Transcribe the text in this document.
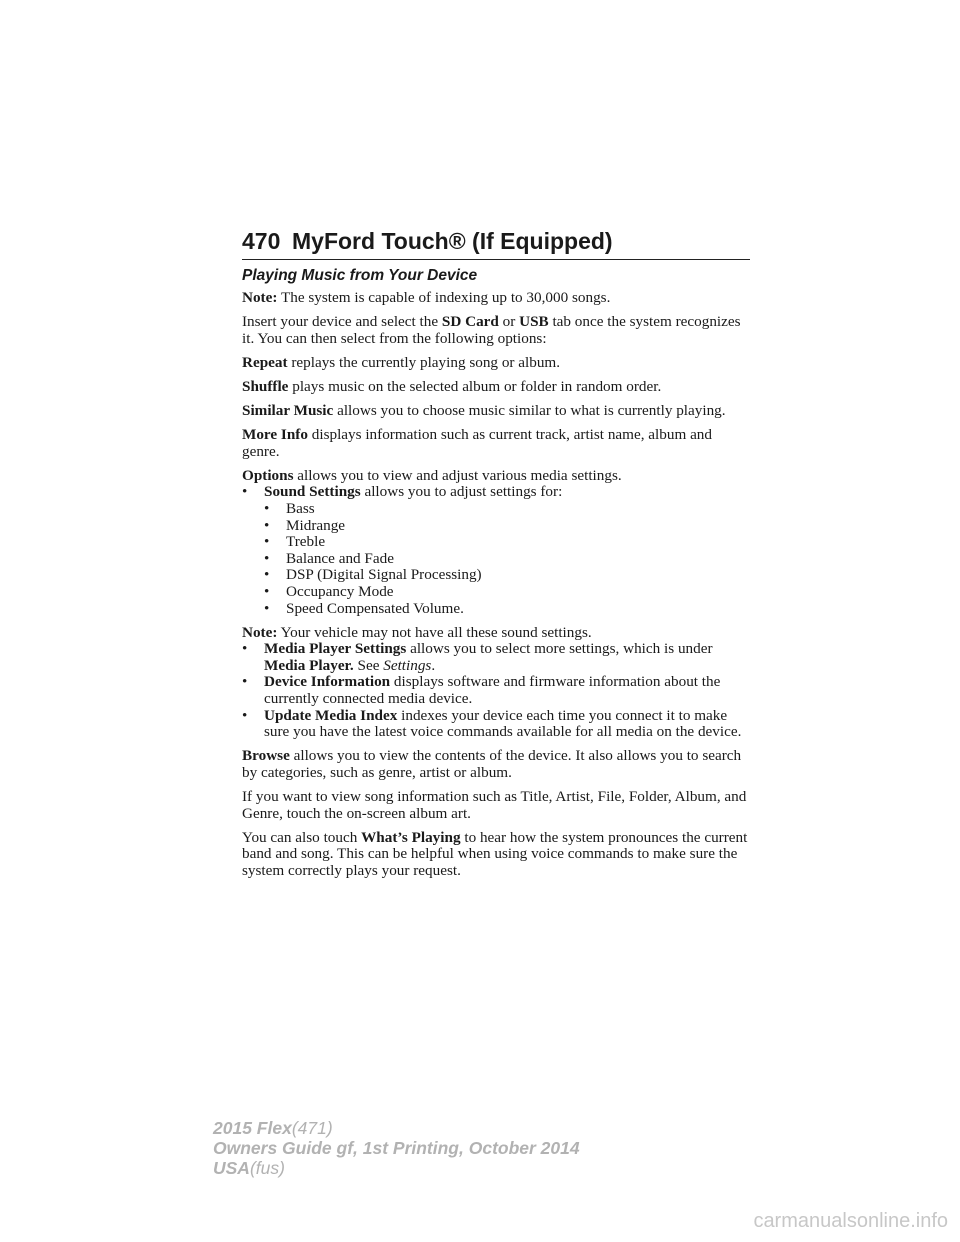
470 MyFord Touch® (If Equipped)
Playing Music from Your Device

Note: The system is capable of indexing up to 30,000 songs.

Insert your device and select the SD Card or USB tab once the system recognizes it. You can then select from the following options:

Repeat replays the currently playing song or album.

Shuffle plays music on the selected album or folder in random order.

Similar Music allows you to choose music similar to what is currently playing.

More Info displays information such as current track, artist name, album and genre.

Options allows you to view and adjust various media settings.
• Sound Settings allows you to adjust settings for:
• Bass
• Midrange
• Treble
• Balance and Fade
• DSP (Digital Signal Processing)
• Occupancy Mode
• Speed Compensated Volume.
Note: Your vehicle may not have all these sound settings.
• Media Player Settings allows you to select more settings, which is under Media Player. See Settings.
• Device Information displays software and firmware information about the currently connected media device.
• Update Media Index indexes your device each time you connect it to make sure you have the latest voice commands available for all media on the device.

Browse allows you to view the contents of the device. It also allows you to search by categories, such as genre, artist or album.

If you want to view song information such as Title, Artist, File, Folder, Album, and Genre, touch the on-screen album art.

You can also touch What’s Playing to hear how the system pronounces the current band and song. This can be helpful when using voice commands to make sure the system correctly plays your request.

2015 Flex(471)
Owners Guide gf, 1st Printing, October 2014
USA(fus)
carmanualsonline.info
